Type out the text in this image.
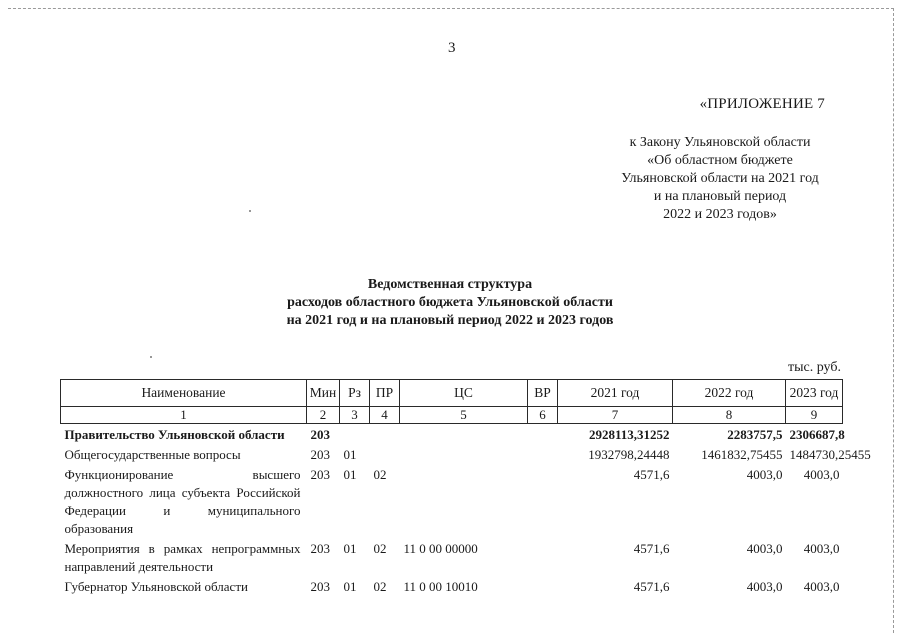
3
«ПРИЛОЖЕНИЕ 7
к Закону Ульяновской области
«Об областном бюджете
Ульяновской области на 2021 год
и на плановый период
2022 и 2023 годов»
Ведомственная структура
расходов областного бюджета Ульяновской области
на 2021 год и на плановый период 2022 и 2023 годов
тыс. руб.
Наименование	Мин	Рз	ПР	ЦС	ВР	2021 год	2022 год	2023 год
1	2	3	4	5	6	7	8	9
Правительство Ульяновской области	203					2928113,31252	2283757,5	2306687,8
Общегосударственные вопросы	203	01				1932798,24448	1461832,75455	1484730,25455
Функционирование высшего должностного лица субъекта Российской Федерации и муниципального образования	203	01	02			4571,6	4003,0	4003,0
Мероприятия в рамках непрограммных направлений деятельности	203	01	02	11 0 00 00000		4571,6	4003,0	4003,0
Губернатор Ульяновской области	203	01	02	11 0 00 10010		4571,6	4003,0	4003,0
